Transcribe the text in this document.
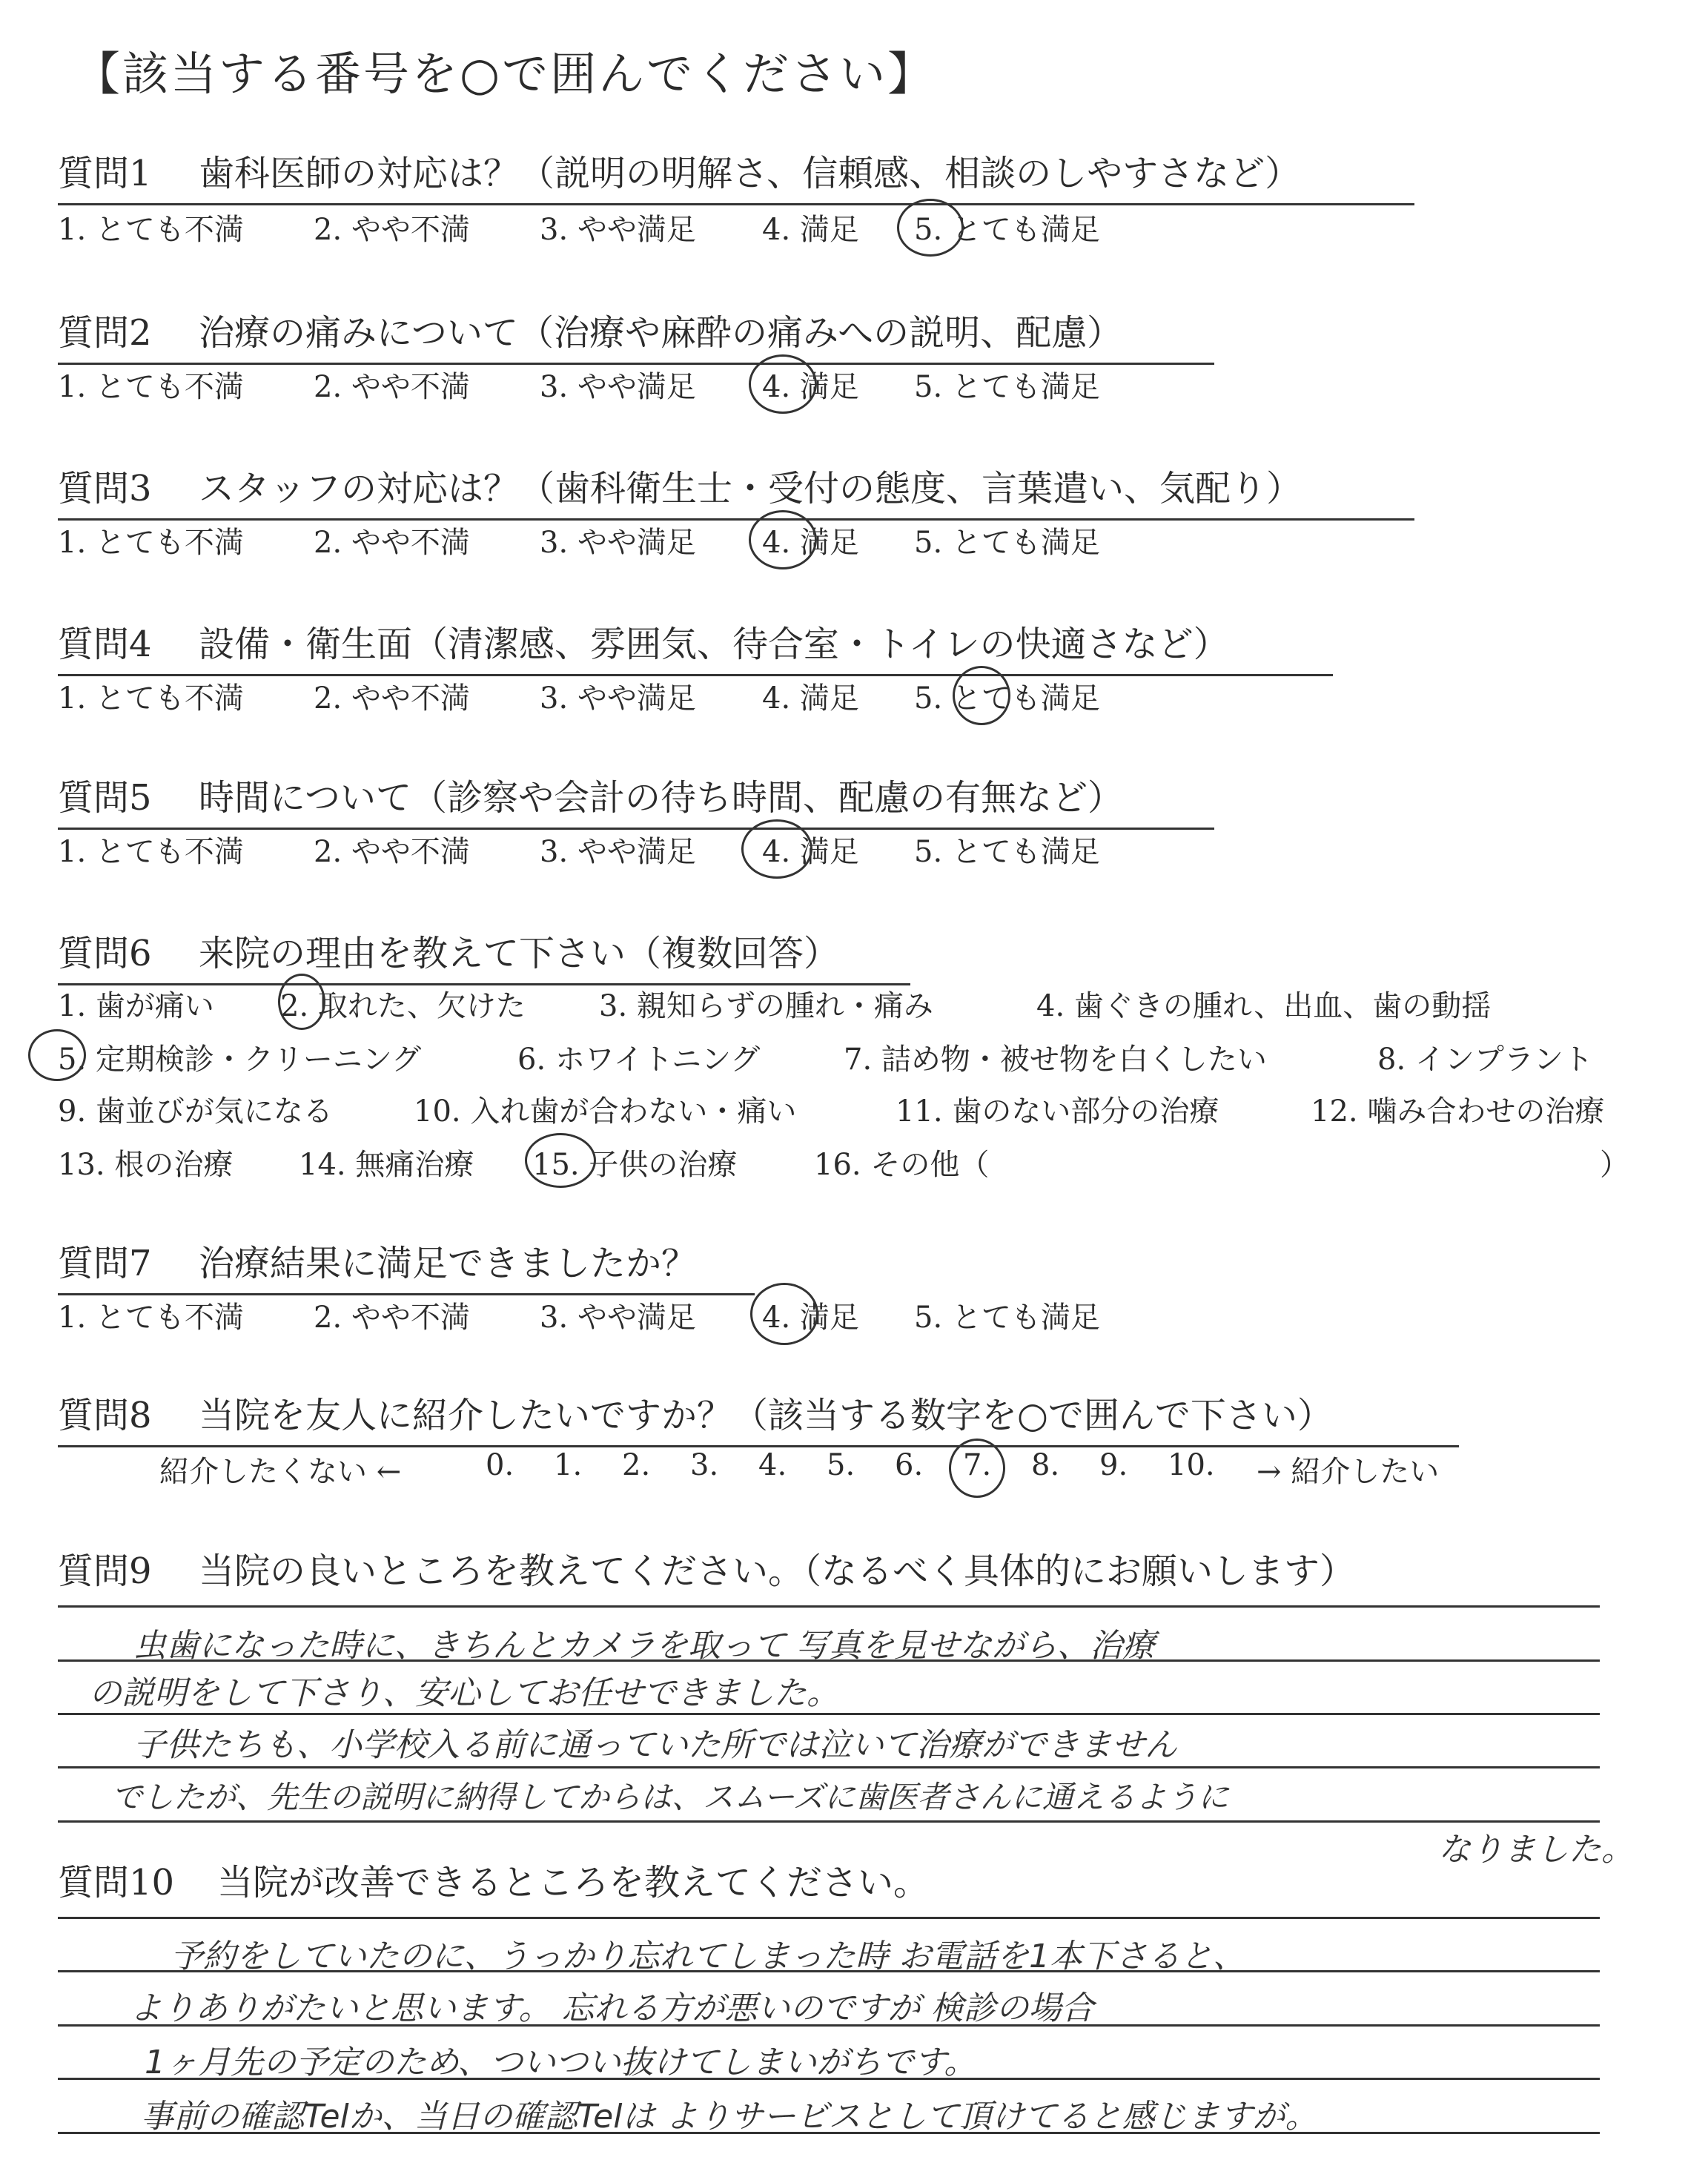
【該当する番号を○で囲んでください】
質問1 歯科医師の対応は？（説明の明解さ、信頼感、相談のしやすさなど）
1. とても不満 2. やや不満 3. やや満足 4. 満足 5. とても満足
質問2 治療の痛みについて（治療や麻酔の痛みへの説明、配慮）
1. とても不満 2. やや不満 3. やや満足 4. 満足 5. とても満足
質問3 スタッフの対応は？（歯科衛生士・受付の態度、言葉遣い、気配り）
1. とても不満 2. やや不満 3. やや満足 4. 満足 5. とても満足
質問4 設備・衛生面（清潔感、雰囲気、待合室・トイレの快適さなど）
1. とても不満 2. やや不満 3. やや満足 4. 満足 5. とても満足
質問5 時間について（診察や会計の待ち時間、配慮の有無など）
1. とても不満 2. やや不満 3. やや満足 4. 満足 5. とても満足
質問6 来院の理由を教えて下さい（複数回答）
1. 歯が痛い 2. 取れた、欠けた 3. 親知らずの腫れ・痛み	4. 歯ぐきの腫れ、出血、歯の動揺
5. 定期検診・クリーニング	6. ホワイトニング	7. 詰め物・被せ物を白くしたい	8. インプラント
9. 歯並びが気になる	10. 入れ歯が合わない・痛い	11. 歯のない部分の治療	12. 噛み合わせの治療
13. 根の治療 14. 無痛治療 15. 子供の治療	16. その他（	）
質問7 治療結果に満足できましたか？
1. とても不満 2. やや不満 3. やや満足 4. 満足 5. とても満足
質問8 当院を友人に紹介したいですか？（該当する数字を○で囲んで下さい）
紹介したくない ←	0. 1. 2. 3. 4. 5. 6. 7. 8. 9. 10. → 紹介したい
質問9 当院の良いところを教えてください。（なるべく具体的にお願いします）
虫歯になった時に、きちんとカメラを取って 写真を見せながら、治療
の説明をして下さり、安心してお任せできました。
子供たちも、小学校入る前に通っていた所では泣いて治療ができません
でしたが、先生の説明に納得してからは、スムーズに歯医者さんに通えるように
なりました。
質問10 当院が改善できるところを教えてください。
予約をしていたのに、うっかり忘れてしまった時 お電話を1本下さると、
よりありがたいと思います。 忘れる方が悪いのですが 検診の場合
1ヶ月先の予定のため、ついつい抜けてしまいがちです。
事前の確認Telか、当日の確認Telは よりサービスとして頂けてると感じますが。
